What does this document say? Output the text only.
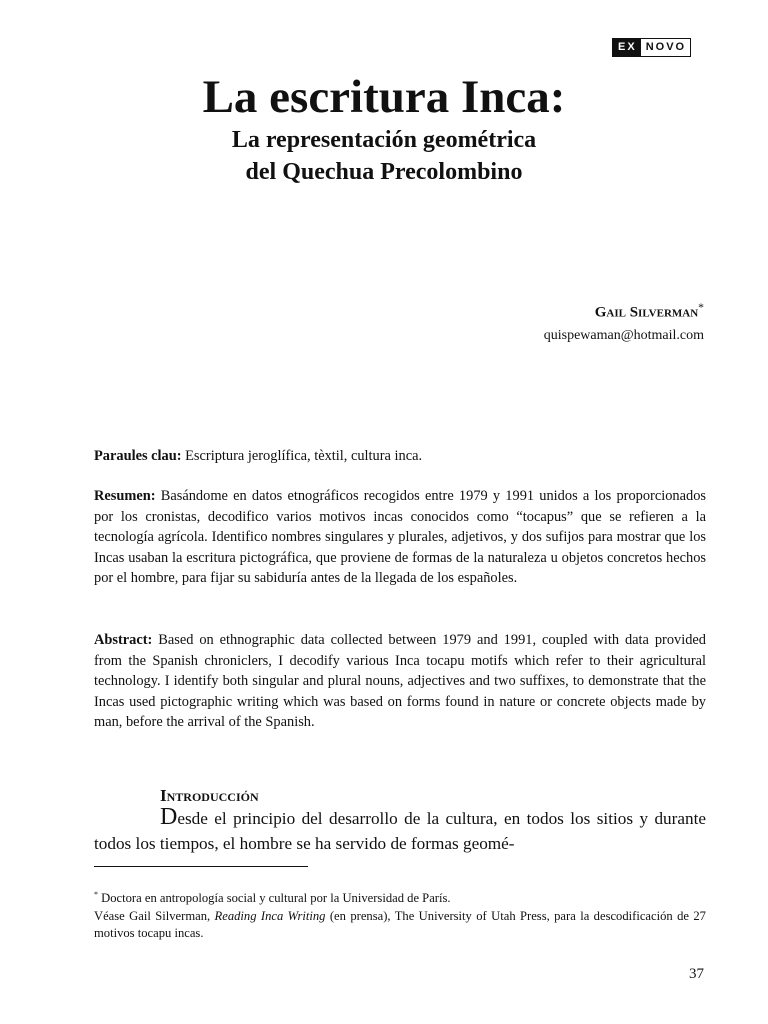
EX NOVO
La escritura Inca:
La representación geométrica
del Quechua Precolombino
Gail Silverman*
quispewaman@hotmail.com

Paraules clau: Escriptura jeroglífica, tèxtil, cultura inca.

Resumen: Basándome en datos etnográficos recogidos entre 1979 y 1991 unidos a los proporcionados por los cronistas, decodifico varios motivos incas conocidos como “tocapus” que se refieren a la tecnología agrícola. Identifico nombres singulares y plurales, adjetivos, y dos sufijos para mostrar que los Incas usaban la escritura pictográfica, que proviene de formas de la naturaleza u objetos concretos hechos por el hombre, para fijar su sabiduría antes de la llegada de los españoles.

Abstract: Based on ethnographic data collected between 1979 and 1991, coupled with data provided from the Spanish chroniclers, I decodify various Inca tocapu motifs which refer to their agricultural technology. I identify both singular and plural nouns, adjectives and two suffixes, to demonstrate that the Incas used pictographic writing which was based on forms found in nature or concrete objects made by man, before the arrival of the Spanish.

Introducción

Desde el principio del desarrollo de la cultura, en todos los sitios y durante todos los tiempos, el hombre se ha servido de formas geomé-

* Doctora en antropología social y cultural por la Universidad de París.

Véase Gail Silverman, Reading Inca Writing (en prensa), The University of Utah Press, para la descodificación de 27 motivos tocapu incas.

37
